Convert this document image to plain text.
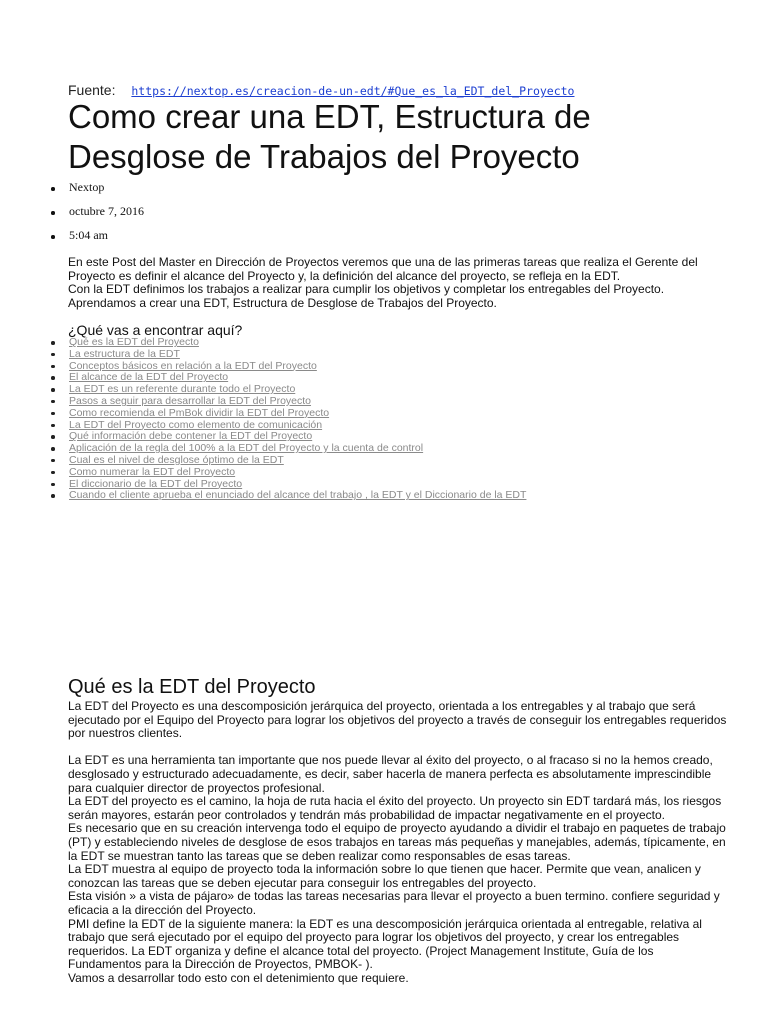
Fuente: https://nextop.es/creacion-de-un-edt/#Que_es_la_EDT_del_Proyecto
Como crear una EDT, Estructura de Desglose de Trabajos del Proyecto
Nextop
octubre 7, 2016
5:04 am

En este Post del Master en Dirección de Proyectos veremos que una de las primeras tareas que realiza el Gerente del Proyecto es definir el alcance del Proyecto y, la definición del alcance del proyecto, se refleja en la EDT.
Con la EDT definimos los trabajos a realizar para cumplir los objetivos y completar los entregables del Proyecto.
Aprendamos a crear una EDT, Estructura de Desglose de Trabajos del Proyecto.

¿Qué vas a encontrar aquí?
Qué es la EDT del Proyecto
La estructura de la EDT
Conceptos básicos en relación a la EDT del Proyecto
El alcance de la EDT del Proyecto
La EDT es un referente durante todo el Proyecto
Pasos a seguir para desarrollar la EDT del Proyecto
Como recomienda el PmBok dividir la EDT del Proyecto
La EDT del Proyecto como elemento de comunicación
Qué información debe contener la EDT del Proyecto
Aplicación de la regla del 100% a la EDT del Proyecto y la cuenta de control
Cual es el nivel de desglose óptimo de la EDT
Como numerar la EDT del Proyecto
El diccionario de la EDT del Proyecto
Cuando el cliente aprueba el enunciado del alcance del trabajo , la EDT y el Diccionario de la EDT
Qué es la EDT del Proyecto

La EDT del Proyecto es una descomposición jerárquica del proyecto, orientada a los entregables y al trabajo que será ejecutado por el Equipo del Proyecto para lograr los objetivos del proyecto a través de conseguir los entregables requeridos por nuestros clientes.

La EDT es una herramienta tan importante que nos puede llevar al éxito del proyecto, o al fracaso si no la hemos creado, desglosado y estructurado adecuadamente, es decir, saber hacerla de manera perfecta es absolutamente imprescindible para cualquier director de proyectos profesional.

La EDT del proyecto es el camino, la hoja de ruta hacia el éxito del proyecto. Un proyecto sin EDT tardará más, los riesgos serán mayores, estarán peor controlados y tendrán más probabilidad de impactar negativamente en el proyecto.

Es necesario que en su creación intervenga todo el equipo de proyecto ayudando a dividir el trabajo en paquetes de trabajo (PT) y estableciendo niveles de desglose de esos trabajos en tareas más pequeñas y manejables, además, típicamente, en la EDT se muestran tanto las tareas que se deben realizar como responsables de esas tareas.

La EDT muestra al equipo de proyecto toda la información sobre lo que tienen que hacer. Permite que vean, analicen y conozcan las tareas que se deben ejecutar para conseguir los entregables del proyecto.

Esta visión » a vista de pájaro» de todas las tareas necesarias para llevar el proyecto a buen termino. confiere seguridad y eficacia a la dirección del Proyecto.

PMI define la EDT de la siguiente manera: la EDT es una descomposición jerárquica orientada al entregable, relativa al trabajo que será ejecutado por el equipo del proyecto para lograr los objetivos del proyecto, y crear los entregables requeridos. La EDT organiza y define el alcance total del proyecto. (Project Management Institute, Guía de los Fundamentos para la Dirección de Proyectos, PMBOK- ).

Vamos a desarrollar todo esto con el detenimiento que requiere.
